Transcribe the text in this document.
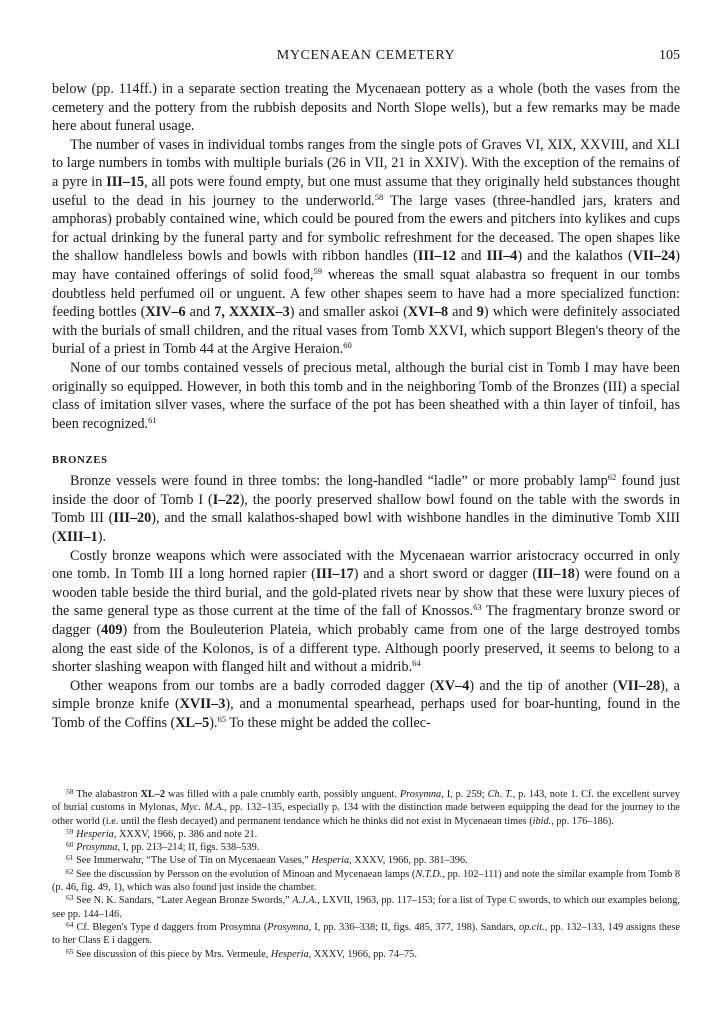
MYCENAEAN CEMETERY	105

below (pp. 114ff.) in a separate section treating the Mycenaean pottery as a whole (both the vases from the cemetery and the pottery from the rubbish deposits and North Slope wells), but a few remarks may be made here about funeral usage.

The number of vases in individual tombs ranges from the single pots of Graves VI, XIX, XXVIII, and XLI to large numbers in tombs with multiple burials (26 in VII, 21 in XXIV). With the exception of the remains of a pyre in III–15, all pots were found empty, but one must assume that they originally held substances thought useful to the dead in his journey to the underworld.$^{58}$ The large vases (three-handled jars, kraters and amphoras) probably contained wine, which could be poured from the ewers and pitchers into kylikes and cups for actual drinking by the funeral party and for symbolic refreshment for the deceased. The open shapes like the shallow handleless bowls and bowls with ribbon handles (III–12 and III–4) and the kalathos (VII–24) may have contained offerings of solid food,$^{59}$ whereas the small squat alabastra so frequent in our tombs doubtless held perfumed oil or unguent. A few other shapes seem to have had a more specialized function: feeding bottles (XIV–6 and 7, XXXIX–3) and smaller askoi (XVI–8 and 9) which were definitely associated with the burials of small children, and the ritual vases from Tomb XXVI, which support Blegen's theory of the burial of a priest in Tomb 44 at the Argive Heraion.$^{60}$

None of our tombs contained vessels of precious metal, although the burial cist in Tomb I may have been originally so equipped. However, in both this tomb and in the neighboring Tomb of the Bronzes (III) a special class of imitation silver vases, where the surface of the pot has been sheathed with a thin layer of tinfoil, has been recognized.$^{61}$

BRONZES

Bronze vessels were found in three tombs: the long-handled “ladle” or more probably lamp$^{62}$ found just inside the door of Tomb I (I–22), the poorly preserved shallow bowl found on the table with the swords in Tomb III (III–20), and the small kalathos-shaped bowl with wishbone handles in the diminutive Tomb XIII (XIII–1).

Costly bronze weapons which were associated with the Mycenaean warrior aristocracy occurred in only one tomb. In Tomb III a long horned rapier (III–17) and a short sword or dagger (III–18) were found on a wooden table beside the third burial, and the gold-plated rivets near by show that these were luxury pieces of the same general type as those current at the time of the fall of Knossos.$^{63}$ The fragmentary bronze sword or dagger (409) from the Bouleuterion Plateia, which probably came from one of the large destroyed tombs along the east side of the Kolonos, is of a different type. Although poorly preserved, it seems to belong to a shorter slashing weapon with flanged hilt and without a midrib.$^{64}$

Other weapons from our tombs are a badly corroded dagger (XV–4) and the tip of another (VII–28), a simple bronze knife (XVII–3), and a monumental spearhead, perhaps used for boar-hunting, found in the Tomb of the Coffins (XL–5).$^{65}$ To these might be added the collec-

$^{58}$ The alabastron XL–2 was filled with a pale crumbly earth, possibly unguent. Prosymna, I, p. 259; Ch. T., p. 143, note 1. Cf. the excellent survey of burial customs in Mylonas, Myc. M.A., pp. 132–135, especially p. 134 with the distinction made between equipping the dead for the journey to the other world (i.e. until the flesh decayed) and permanent tendance which he thinks did not exist in Mycenaean times (ibid., pp. 176–186).

$^{59}$ Hesperia, XXXV, 1966, p. 386 and note 21.

$^{60}$ Prosymna, I, pp. 213–214; II, figs. 538–539.

$^{61}$ See Immerwahr, “The Use of Tin on Mycenaean Vases,” Hesperia, XXXV, 1966, pp. 381–396.

$^{62}$ See the discussion by Persson on the evolution of Minoan and Mycenaean lamps (N.T.D., pp. 102–111) and note the similar example from Tomb 8 (p. 46, fig. 49, 1), which was also found just inside the chamber.

$^{63}$ See N. K. Sandars, “Later Aegean Bronze Swords,” A.J.A., LXVII, 1963, pp. 117–153; for a list of Type C swords, to which our examples belong, see pp. 144–146.

$^{64}$ Cf. Blegen's Type d daggers from Prosymna (Prosymna, I, pp. 336–338; II, figs. 485, 377, 198). Sandars, op.cit., pp. 132–133, 149 assigns these to her Class E i daggers.

$^{65}$ See discussion of this piece by Mrs. Vermeule, Hesperia, XXXV, 1966, pp. 74–75.
